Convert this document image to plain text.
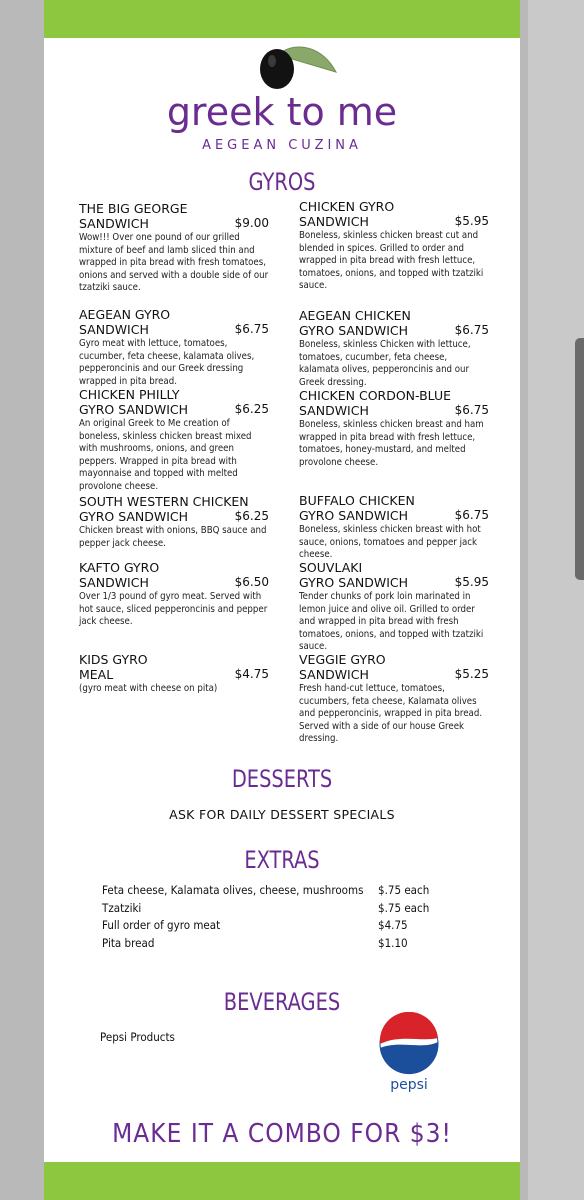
greek to me
AEGEAN CUZINA
GYROS
THE BIG GEORGE
SANDWICH	$9.00
Wow!!! Over one pound of our grilled mixture of beef and lamb sliced thin and wrapped in pita bread with fresh tomatoes, onions and served with a double side of our tzatziki sauce.
AEGEAN GYRO
SANDWICH	$6.75
Gyro meat with lettuce, tomatoes, cucumber, feta cheese, kalamata olives, pepperoncinis and our Greek dressing wrapped in pita bread.
CHICKEN PHILLY
GYRO SANDWICH	$6.25
An original Greek to Me creation of boneless, skinless chicken breast mixed with mushrooms, onions, and green peppers. Wrapped in pita bread with mayonnaise and topped with melted provolone cheese.
SOUTH WESTERN CHICKEN
GYRO SANDWICH	$6.25
Chicken breast with onions, BBQ sauce and pepper jack cheese.
KAFTO GYRO
SANDWICH	$6.50
Over 1/3 pound of gyro meat. Served with hot sauce, sliced pepperoncinis and pepper jack cheese.
KIDS GYRO
MEAL	$4.75
(gyro meat with cheese on pita)
CHICKEN GYRO
SANDWICH	$5.95
Boneless, skinless chicken breast cut and blended in spices. Grilled to order and wrapped in pita bread with fresh lettuce, tomatoes, onions, and topped with tzatziki sauce.
AEGEAN CHICKEN
GYRO SANDWICH	$6.75
Boneless, skinless Chicken with lettuce, tomatoes, cucumber, feta cheese, kalamata olives, pepperoncinis and our Greek dressing.
CHICKEN CORDON-BLUE
SANDWICH	$6.75
Boneless, skinless chicken breast and ham wrapped in pita bread with fresh lettuce, tomatoes, honey-mustard, and melted provolone cheese.
BUFFALO CHICKEN
GYRO SANDWICH	$6.75
Boneless, skinless chicken breast with hot sauce, onions, tomatoes and pepper jack cheese.
SOUVLAKI
GYRO SANDWICH	$5.95
Tender chunks of pork loin marinated in lemon juice and olive oil. Grilled to order and wrapped in pita bread with fresh tomatoes, onions, and topped with tzatziki sauce.
VEGGIE GYRO
SANDWICH	$5.25
Fresh hand-cut lettuce, tomatoes, cucumbers, feta cheese, Kalamata olives and pepperoncinis, wrapped in pita bread. Served with a side of our house Greek dressing.
DESSERTS
ASK FOR DAILY DESSERT SPECIALS
EXTRAS
Feta cheese, Kalamata olives, cheese, mushrooms $.75 each
Tzatziki	$.75 each
Full order of gyro meat	$4.75
Pita bread	$1.10
BEVERAGES
Pepsi Products
pepsi
MAKE IT A COMBO FOR $3!
